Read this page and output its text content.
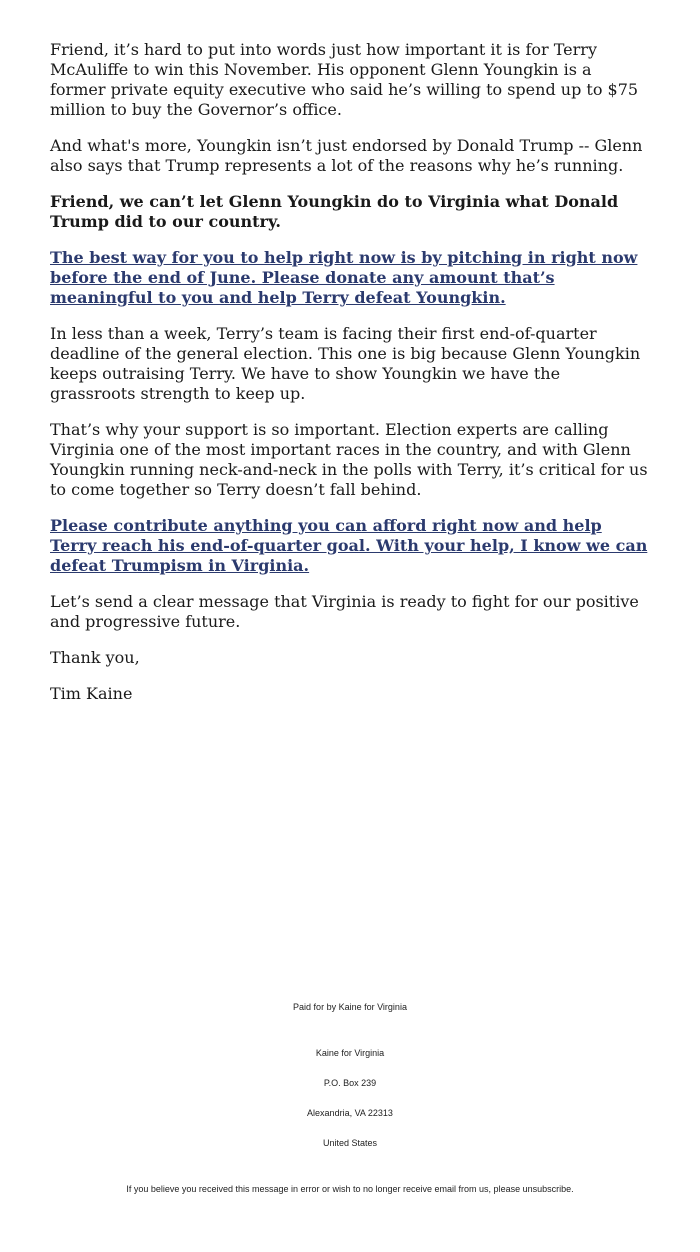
Friend, it’s hard to put into words just how important it is for Terry McAuliffe to win this November. His opponent Glenn Youngkin is a former private equity executive who said he’s willing to spend up to $75 million to buy the Governor’s office.

And what's more, Youngkin isn’t just endorsed by Donald Trump -- Glenn also says that Trump represents a lot of the reasons why he’s running.

Friend, we can’t let Glenn Youngkin do to Virginia what Donald Trump did to our country.

The best way for you to help right now is by pitching in right now before the end of June. Please donate any amount that’s meaningful to you and help Terry defeat Youngkin.

In less than a week, Terry’s team is facing their first end-of-quarter deadline of the general election. This one is big because Glenn Youngkin keeps outraising Terry. We have to show Youngkin we have the grassroots strength to keep up.

That’s why your support is so important. Election experts are calling Virginia one of the most important races in the country, and with Glenn Youngkin running neck-and-neck in the polls with Terry, it’s critical for us to come together so Terry doesn’t fall behind.

Please contribute anything you can afford right now and help Terry reach his end-of-quarter goal. With your help, I know we can defeat Trumpism in Virginia.

Let’s send a clear message that Virginia is ready to fight for our positive and progressive future.

Thank you,

Tim Kaine

Paid for by Kaine for Virginia
Kaine for Virginia
P.O. Box 239
Alexandria, VA 22313
United States
If you believe you received this message in error or wish to no longer receive email from us, please unsubscribe.
